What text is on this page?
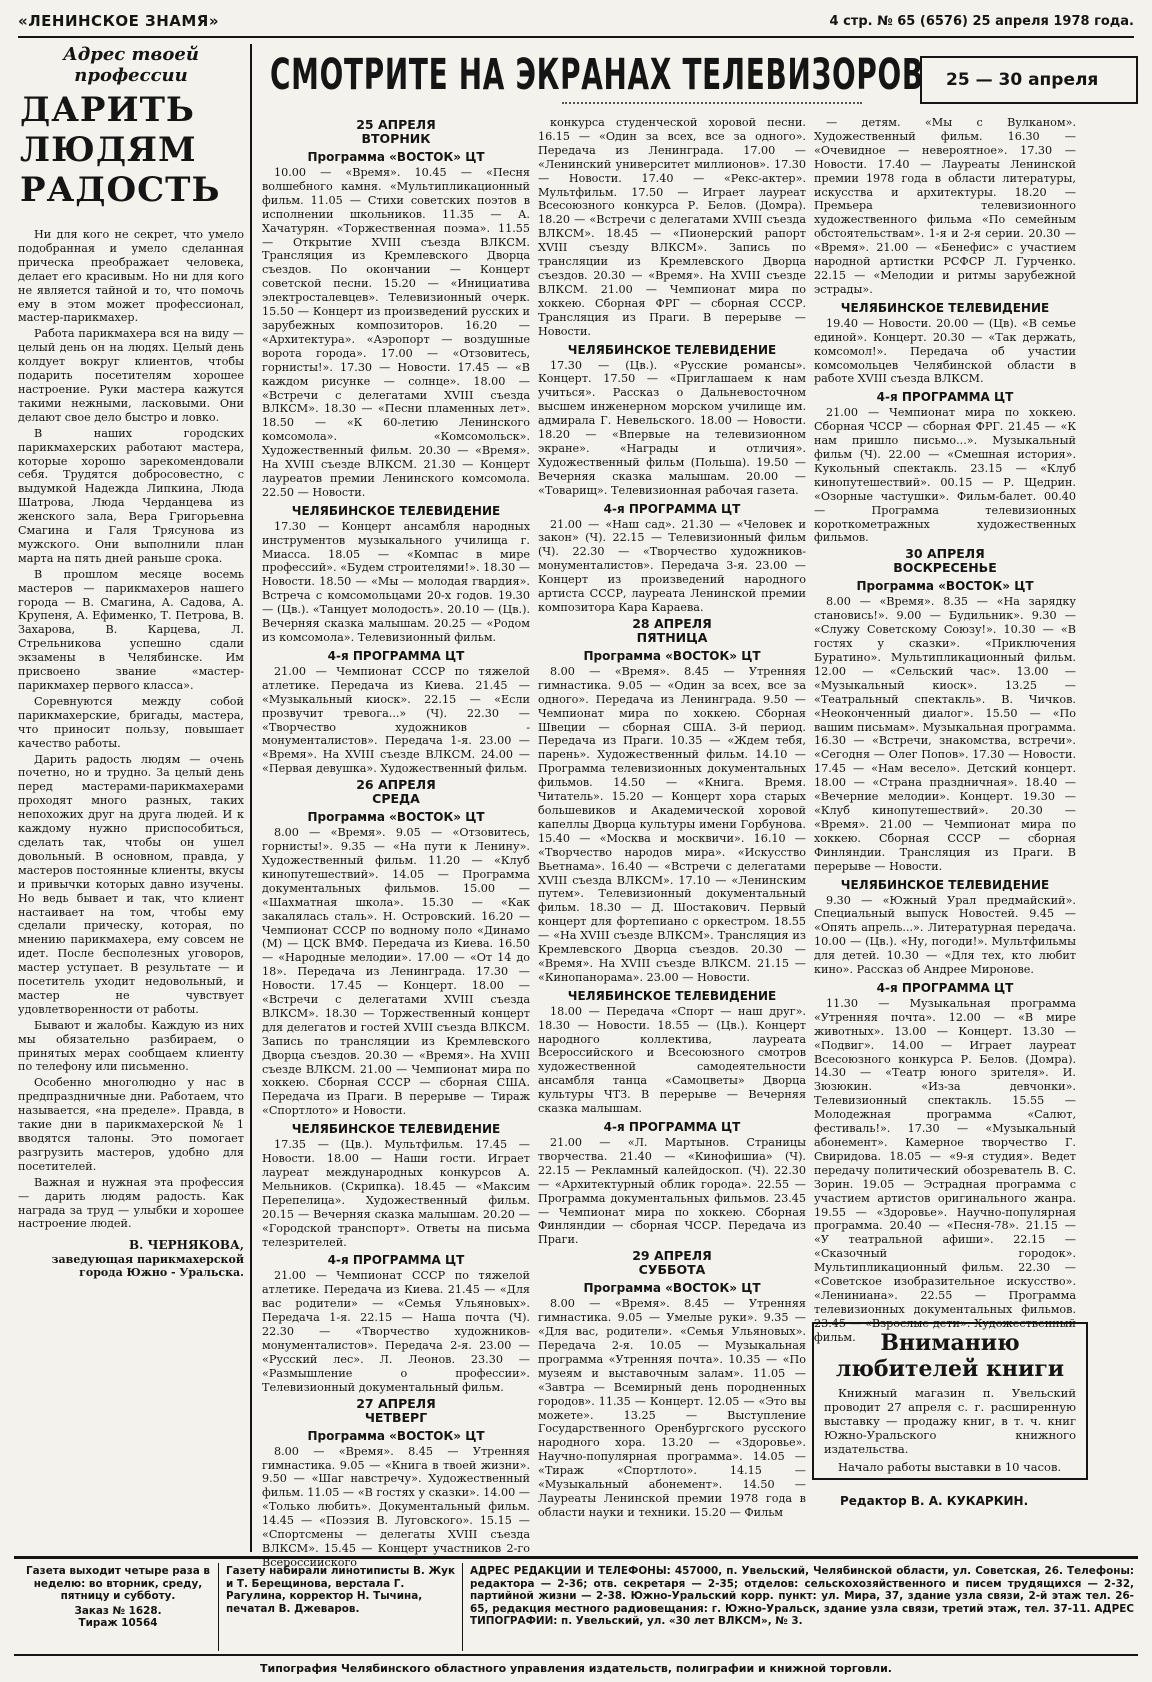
«ЛЕНИНСКОЕ ЗНАМЯ»	4 стр. № 65 (6576) 25 апреля 1978 года.
Адрес твоей профессии
ДАРИТЬ ЛЮДЯМ РАДОСТЬ

Ни для кого не секрет, что умело подобранная и умело сделанная прическа преображает человека, делает его красивым. Но ни для кого не является тайной и то, что помочь ему в этом может профессионал, мастер-парикмахер.

Работа парикмахера вся на виду — целый день он на людях. Целый день колдует вокруг клиентов, чтобы подарить посетителям хорошее настроение. Руки мастера кажутся такими нежными, ласковыми. Они делают свое дело быстро и ловко.

В наших городских парикмахерских работают мастера, которые хорошо зарекомендовали себя. Трудятся добросовестно, с выдумкой Надежда Липкина, Люда Шатрова, Люда Черданцева из женского зала, Вера Григорьевна Смагина и Галя Трясунова из мужского. Они выполнили план марта на пять дней раньше срока.

В прошлом месяце восемь мастеров — парикмахеров нашего города — В. Смагина, А. Садова, А. Крупеня, А. Ефименко, Т. Петрова, В. Захарова, В. Карцева, Л. Стрельникова успешно сдали экзамены в Челябинске. Им присвоено звание «мастер-парикмахер первого класса».

Соревнуются между собой парикмахерские, бригады, мастера, что приносит пользу, повышает качество работы.

Дарить радость людям — очень почетно, но и трудно. За целый день перед мастерами-парикмахерами проходят много разных, таких непохожих друг на друга людей. И к каждому нужно приспособиться, сделать так, чтобы он ушел довольный. В основном, правда, у мастеров постоянные клиенты, вкусы и привычки которых давно изучены. Но ведь бывает и так, что клиент настаивает на том, чтобы ему сделали прическу, которая, по мнению парикмахера, ему совсем не идет. После бесполезных уговоров, мастер уступает. В результате — и посетитель уходит недовольный, и мастер не чувствует удовлетворенности от работы.

Бывают и жалобы. Каждую из них мы обязательно разбираем, о принятых мерах сообщаем клиенту по телефону или письменно.

Особенно многолюдно у нас в предпраздничные дни. Работаем, что называется, «на пределе». Правда, в такие дни в парикмахерской № 1 вводятся талоны. Это помогает разгрузить мастеров, удобно для посетителей.

Важная и нужная эта профессия — дарить людям радость. Как награда за труд — улыбки и хорошее настроение людей.

В. ЧЕРНЯКОВА,
заведующая парикмахерской города Южно - Уральска.
СМОТРИТЕ НА ЭКРАНАХ ТЕЛЕВИЗОРОВ 25 — 30 апреля
25 АПРЕЛЯ
ВТОРНИК
Программа «ВОСТОК» ЦТ

10.00 — «Время». 10.45 — «Песня волшебного камня. «Мультипликационный фильм. 11.05 — Стихи советских поэтов в исполнении школьников. 11.35 — А. Хачатурян. «Торжественная поэма». 11.55 — Открытие XVIII съезда ВЛКСМ. Трансляция из Кремлевского Дворца съездов. По окончании — Концерт советской песни. 15.20 — «Инициатива электросталевцев». Телевизионный очерк. 15.50 — Концерт из произведений русских и зарубежных композиторов. 16.20 — «Архитектура». «Аэропорт — воздушные ворота города». 17.00 — «Отзовитесь, горнисты!». 17.30 — Новости. 17.45 — «В каждом рисунке — солнце». 18.00 — «Встречи с делегатами XVIII съезда ВЛКСМ». 18.30 — «Песни пламенных лет». 18.50 — «К 60-летию Ленинского комсомола». «Комсомольск». Художественный фильм. 20.30 — «Время». На XVIII съезде ВЛКСМ. 21.30 — Концерт лауреатов премии Ленинского комсомола. 22.50 — Новости.

ЧЕЛЯБИНСКОЕ ТЕЛЕВИДЕНИЕ

17.30 — Концерт ансамбля народных инструментов музыкального училища г. Миасса. 18.05 — «Компас в мире профессий». «Будем строителями!». 18.30 — Новости. 18.50 — «Мы — молодая гвардия». Встреча с комсомольцами 20-х годов. 19.30 — (Цв.). «Танцует молодость». 20.10 — (Цв.). Вечерняя сказка малышам. 20.25 — «Родом из комсомола». Телевизионный фильм.

4-я ПРОГРАММА ЦТ

21.00 — Чемпионат СССР по тяжелой атлетике. Передача из Киева. 21.45 — «Музыкальный киоск». 22.15 — «Если прозвучит тревога...» (Ч). 22.30 — «Творчество художников - монументалистов». Передача 1-я. 23.00 — «Время». На XVIII съезде ВЛКСМ. 24.00 — «Первая девушка». Художественный фильм.

26 АПРЕЛЯ
СРЕДА
Программа «ВОСТОК» ЦТ

8.00 — «Время». 9.05 — «Отзовитесь, горнисты!». 9.35 — «На пути к Ленину». Художественный фильм. 11.20 — «Клуб кинопутешествий». 14.05 — Программа документальных фильмов. 15.00 — «Шахматная школа». 15.30 — «Как закалялась сталь». Н. Островский. 16.20 — Чемпионат СССР по водному поло «Динамо (М) — ЦСК ВМФ. Передача из Киева. 16.50 — «Народные мелодии». 17.00 — «От 14 до 18». Передача из Ленинграда. 17.30 — Новости. 17.45 — Концерт. 18.00 — «Встречи с делегатами XVIII съезда ВЛКСМ». 18.30 — Торжественный концерт для делегатов и гостей XVIII съезда ВЛКСМ. Запись по трансляции из Кремлевского Дворца съездов. 20.30 — «Время». На XVIII съезде ВЛКСМ. 21.00 — Чемпионат мира по хоккею. Сборная СССР — сборная США. Передача из Праги. В перерыве — Тираж «Спортлото» и Новости.

ЧЕЛЯБИНСКОЕ ТЕЛЕВИДЕНИЕ

17.35 — (Цв.). Мультфильм. 17.45 — Новости. 18.00 — Наши гости. Играет лауреат международных конкурсов А. Мельников. (Скрипка). 18.45 — «Максим Перепелица». Художественный фильм. 20.15 — Вечерняя сказка малышам. 20.20 — «Городской транспорт». Ответы на письма телезрителей.

4-я ПРОГРАММА ЦТ

21.00 — Чемпионат СССР по тяжелой атлетике. Передача из Киева. 21.45 — «Для вас родители» — «Семья Ульяновых». Передача 1-я. 22.15 — Наша почта (Ч). 22.30 — «Творчество художников-монументалистов». Передача 2-я. 23.00 — «Русский лес». Л. Леонов. 23.30 — «Размышление о профессии». Телевизионный документальный фильм.

27 АПРЕЛЯ
ЧЕТВЕРГ
Программа «ВОСТОК» ЦТ

8.00 — «Время». 8.45 — Утренняя гимнастика. 9.05 — «Книга в твоей жизни». 9.50 — «Шаг навстречу». Художественный фильм. 11.05 — «В гостях у сказки». 14.00 — «Только любить». Документальный фильм. 14.45 — «Поэзия В. Луговского». 15.15 — «Спортсмены — делегаты XVIII съезда ВЛКСМ». 15.45 — Концерт участников 2-го Всероссийского

конкурса студенческой хоровой песни. 16.15 — «Один за всех, все за одного». Передача из Ленинграда. 17.00 — «Ленинский университет миллионов». 17.30 — Новости. 17.40 — «Рекс-актер». Мультфильм. 17.50 — Играет лауреат Всесоюзного конкурса Р. Белов. (Домра). 18.20 — «Встречи с делегатами XVIII съезда ВЛКСМ». 18.45 — «Пионерский рапорт XVIII съезду ВЛКСМ». Запись по трансляции из Кремлевского Дворца съездов. 20.30 — «Время». На XVIII съезде ВЛКСМ. 21.00 — Чемпионат мира по хоккею. Сборная ФРГ — сборная СССР. Трансляция из Праги. В перерыве — Новости.

ЧЕЛЯБИНСКОЕ ТЕЛЕВИДЕНИЕ

17.30 — (Цв.). «Русские романсы». Концерт. 17.50 — «Приглашаем к нам учиться». Рассказ о Дальневосточном высшем инженерном морском училище им. адмирала Г. Невельского. 18.00 — Новости. 18.20 — «Впервые на телевизионном экране». «Награды и отличия». Художественный фильм (Польша). 19.50 — Вечерняя сказка малышам. 20.00 — «Товарищ». Телевизионная рабочая газета.

4-я ПРОГРАММА ЦТ

21.00 — «Наш сад». 21.30 — «Человек и закон» (Ч). 22.15 — Телевизионный фильм (Ч). 22.30 — «Творчество художников-монументалистов». Передача 3-я. 23.00 — Концерт из произведений народного артиста СССР, лауреата Ленинской премии композитора Кара Караева.

28 АПРЕЛЯ
ПЯТНИЦА
Программа «ВОСТОК» ЦТ

8.00 — «Время». 8.45 — Утренняя гимнастика. 9.05 — «Один за всех, все за одного». Передача из Ленинграда. 9.50 — Чемпионат мира по хоккею. Сборная Швеции — сборная США. 3-й период. Передача из Праги. 10.35 — «Ждем тебя, парень». Художественный фильм. 14.10 — Программа телевизионных документальных фильмов. 14.50 — «Книга. Время. Читатель». 15.20 — Концерт хора старых большевиков и Академической хоровой капеллы Дворца культуры имени Горбунова. 15.40 — «Москва и москвичи». 16.10 — «Творчество народов мира». «Искусство Вьетнама». 16.40 — «Встречи с делегатами XVIII съезда ВЛКСМ». 17.10 — «Ленинским путем». Телевизионный документальный фильм. 18.30 — Д. Шостакович. Первый концерт для фортепиано с оркестром. 18.55 — «На XVIII съезде ВЛКСМ». Трансляция из Кремлевского Дворца съездов. 20.30 — «Время». На XVIII съезде ВЛКСМ. 21.15 — «Кинопанорама». 23.00 — Новости.

ЧЕЛЯБИНСКОЕ ТЕЛЕВИДЕНИЕ

18.00 — Передача «Спорт — наш друг». 18.30 — Новости. 18.55 — (Цв.). Концерт народного коллектива, лауреата Всероссийского и Всесоюзного смотров художественной самодеятельности ансамбля танца «Самоцветы» Дворца культуры ЧТЗ. В перерыве — Вечерняя сказка малышам.

4-я ПРОГРАММА ЦТ

21.00 — «Л. Мартынов. Страницы творчества. 21.40 — «Кинофишиа» (Ч). 22.15 — Рекламный калейдоскоп. (Ч). 22.30 — «Архитектурный облик города». 22.55 — Программа документальных фильмов. 23.45 — Чемпионат мира по хоккею. Сборная Финляндии — сборная ЧССР. Передача из Праги.

29 АПРЕЛЯ
СУББОТА
Программа «ВОСТОК» ЦТ

8.00 — «Время». 8.45 — Утренняя гимнастика. 9.05 — Умелые руки». 9.35 — «Для вас, родители». «Семья Ульяновых». Передача 2-я. 10.05 — Музыкальная программа «Утренняя почта». 10.35 — «По музеям и выставочным залам». 11.05 — «Завтра — Всемирный день породненных городов». 11.35 — Концерт. 12.05 — «Это вы можете». 13.25 — Выступление Государственного Оренбургского русского народного хора. 13.20 — «Здоровье». Научно-популярная программа». 14.05 — «Тираж «Спортлото». 14.15 — «Музыкальный абонемент». 14.50 — Лауреаты Ленинской премии 1978 года в области науки и техники. 15.20 — Фильм

— детям. «Мы с Вулканом». Художественный фильм. 16.30 — «Очевидное — невероятное». 17.30 — Новости. 17.40 — Лауреаты Ленинской премии 1978 года в области литературы, искусства и архитектуры. 18.20 — Премьера телевизионного художественного фильма «По семейным обстоятельствам». 1-я и 2-я серии. 20.30 — «Время». 21.00 — «Бенефис» с участием народной артистки РСФСР Л. Гурченко. 22.15 — «Мелодии и ритмы зарубежной эстрады».

ЧЕЛЯБИНСКОЕ ТЕЛЕВИДЕНИЕ

19.40 — Новости. 20.00 — (Цв). «В семье единой». Концерт. 20.30 — «Так держать, комсомол!». Передача об участии комсомольцев Челябинской области в работе XVIII съезда ВЛКСМ.

4-я ПРОГРАММА ЦТ

21.00 — Чемпионат мира по хоккею. Сборная ЧССР — сборная ФРГ. 21.45 — «К нам пришло письмо...». Музыкальный фильм (Ч). 22.00 — «Смешная история». Кукольный спектакль. 23.15 — «Клуб кинопутешествий». 00.15 — Р. Щедрин. «Озорные частушки». Фильм-балет. 00.40 — Программа телевизионных короткометражных художественных фильмов.

30 АПРЕЛЯ
ВОСКРЕСЕНЬЕ
Программа «ВОСТОК» ЦТ

8.00 — «Время». 8.35 — «На зарядку становись!». 9.00 — Будильник». 9.30 — «Служу Советскому Союзу!». 10.30 — «В гостях у сказки». «Приключения Буратино». Мультипликационный фильм. 12.00 — «Сельский час». 13.00 — «Музыкальный киоск». 13.25 — «Театральный спектакль». В. Чичков. «Неоконченный диалог». 15.50 — «По вашим письмам». Музыкальная программа. 16.30 — «Встречи, знакомства, встречи». «Сегодня — Олег Попов». 17.30 — Новости. 17.45 — «Нам весело». Детский концерт. 18.00 — «Страна праздничная». 18.40 — «Вечерние мелодии». Концерт. 19.30 — «Клуб кинопутешествий». 20.30 — «Время». 21.00 — Чемпионат мира по хоккею. Сборная СССР — сборная Финляндии. Трансляция из Праги. В перерыве — Новости.

ЧЕЛЯБИНСКОЕ ТЕЛЕВИДЕНИЕ

9.30 — «Южный Урал предмайский». Специальный выпуск Новостей. 9.45 — «Опять апрель...». Литературная передача. 10.00 — (Цв.). «Ну, погоди!». Мультфильмы для детей. 10.30 — «Для тех, кто любит кино». Рассказ об Андрее Миронове.

4-я ПРОГРАММА ЦТ

11.30 — Музыкальная программа «Утренняя почта». 12.00 — «В мире животных». 13.00 — Концерт. 13.30 — «Подвиг». 14.00 — Играет лауреат Всесоюзного конкурса Р. Белов. (Домра). 14.30 — «Театр юного зрителя». И. Зюзюкин. «Из-за девчонки». Телевизионный спектакль. 15.55 — Молодежная программа «Салют, фестиваль!». 17.30 — «Музыкальный абонемент». Камерное творчество Г. Свиридова. 18.05 — «9-я студия». Ведет передачу политический обозреватель В. С. Зорин. 19.05 — Эстрадная программа с участием артистов оригинального жанра. 19.55 — «Здоровье». Научно-популярная программа. 20.40 — «Песня-78». 21.15 — «У театральной афиши». 22.15 — «Сказочный городок». Мультипликационный фильм. 22.30 — «Советское изобразительное искусство». «Лениниана». 22.55 — Программа телевизионных документальных фильмов. 23.45 — «Взрослые дети». Художественный фильм.	Вниманию любителей книги
Книжный магазин п. Увельский проводит 27 апреля с. г. расширенную выставку — продажу книг, в т. ч. книг Южно-Уральского книжного издательства.
Начало работы выставки в 10 часов.
Редактор В. А. КУКАРКИН.
Газета выходит четыре раза в неделю: во вторник, среду, пятницу и субботу.
Заказ № 1628.
Тираж 10564
Газету набирали линотиписты В. Жук и Т. Берещинова, верстала Г. Рагулина, корректор Н. Тычина, печатал В. Джеваров.
АДРЕС РЕДАКЦИИ И ТЕЛЕФОНЫ: 457000, п. Увельский, Челябинской области, ул. Советская, 26. Телефоны: редактора — 2-36; отв. секретаря — 2-35; отделов: сельскохозяйственного и писем трудящихся — 2-32, партийной жизни — 2-38. Южно-Уральский корр. пункт: ул. Мира, 37, здание узла связи, 2-й этаж тел. 26-65, редакция местного радиовещания: г. Южно-Уральск, здание узла связи, третий этаж, тел. 37-11. АДРЕС ТИПОГРАФИИ: п. Увельский, ул. «30 лет ВЛКСМ», № 3.
Типография Челябинского областного управления издательств, полиграфии и книжной торговли.
